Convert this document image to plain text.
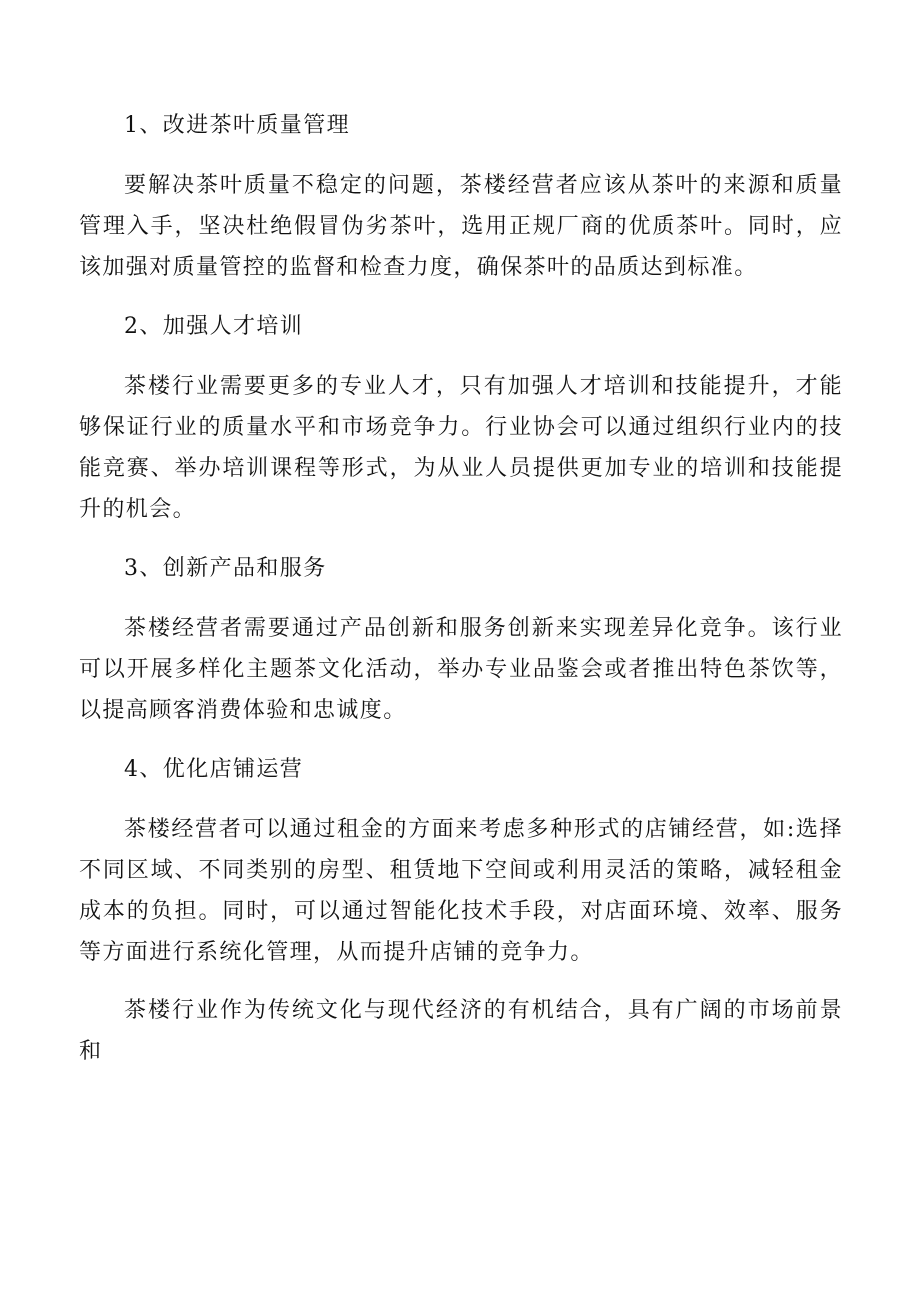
1、改进茶叶质量管理

要解决茶叶质量不稳定的问题，茶楼经营者应该从茶叶的来源和质量管理入手，坚决杜绝假冒伪劣茶叶，选用正规厂商的优质茶叶。同时，应该加强对质量管控的监督和检查力度，确保茶叶的品质达到标准。

2、加强人才培训

茶楼行业需要更多的专业人才，只有加强人才培训和技能提升，才能够保证行业的质量水平和市场竞争力。行业协会可以通过组织行业内的技能竞赛、举办培训课程等形式，为从业人员提供更加专业的培训和技能提升的机会。

3、创新产品和服务

茶楼经营者需要通过产品创新和服务创新来实现差异化竞争。该行业可以开展多样化主题茶文化活动，举办专业品鉴会或者推出特色茶饮等，以提高顾客消费体验和忠诚度。

4、优化店铺运营

茶楼经营者可以通过租金的方面来考虑多种形式的店铺经营，如:选择不同区域、不同类别的房型、租赁地下空间或利用灵活的策略，减轻租金成本的负担。同时，可以通过智能化技术手段，对店面环境、效率、服务等方面进行系统化管理，从而提升店铺的竞争力。

茶楼行业作为传统文化与现代经济的有机结合，具有广阔的市场前景和
